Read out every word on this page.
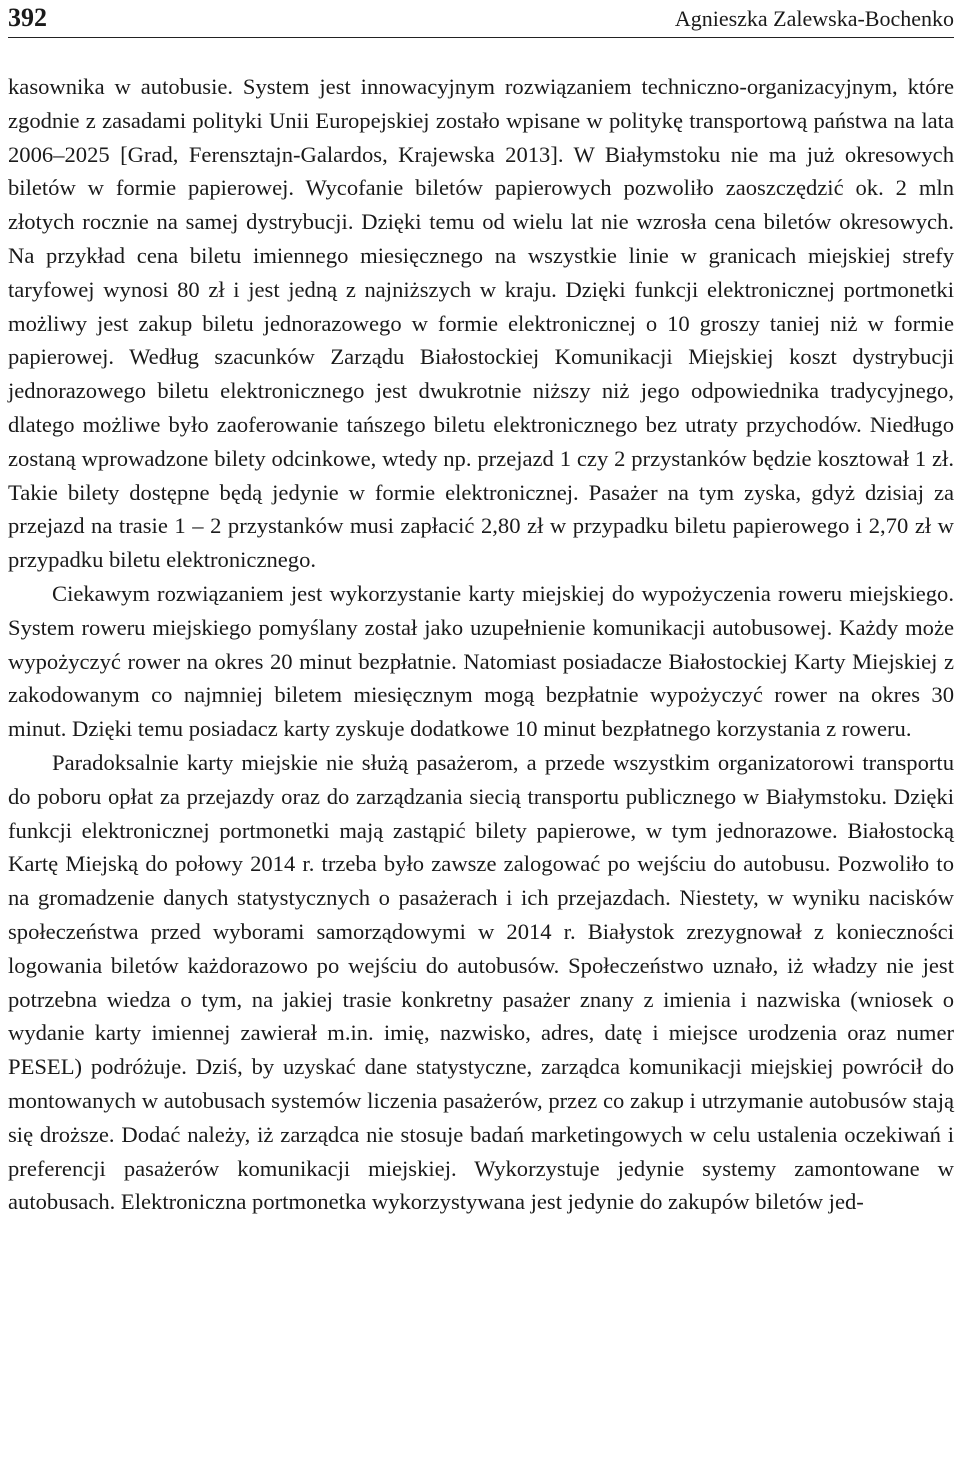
392	Agnieszka Zalewska-Bochenko

kasownika w autobusie. System jest innowacyjnym rozwiązaniem techniczno-organizacyjnym, które zgodnie z zasadami polityki Unii Europejskiej zostało wpisane w politykę transportową państwa na lata 2006–2025 [Grad, Ferensztajn-Galardos, Krajewska 2013]. W Białymstoku nie ma już okresowych biletów w formie papierowej. Wycofanie biletów papierowych pozwoliło zaoszczędzić ok. 2 mln złotych rocznie na samej dystrybucji. Dzięki temu od wielu lat nie wzrosła cena biletów okresowych. Na przykład cena biletu imiennego miesięcznego na wszystkie linie w granicach miejskiej strefy taryfowej wynosi 80 zł i jest jedną z najniższych w kraju. Dzięki funkcji elektronicznej portmonetki możliwy jest zakup biletu jednorazowego w formie elektronicznej o 10 groszy taniej niż w formie papierowej. Według szacunków Zarządu Białostockiej Komunikacji Miejskiej koszt dystrybucji jednorazowego biletu elektronicznego jest dwukrotnie niższy niż jego odpowiednika tradycyjnego, dlatego możliwe było zaoferowanie tańszego biletu elektronicznego bez utraty przychodów. Niedługo zostaną wprowadzone bilety odcinkowe, wtedy np. przejazd 1 czy 2 przystanków będzie kosztował 1 zł. Takie bilety dostępne będą jedynie w formie elektronicznej. Pasażer na tym zyska, gdyż dzisiaj za przejazd na trasie 1 – 2 przystanków musi zapłacić 2,80 zł w przypadku biletu papierowego i 2,70 zł w przypadku biletu elektronicznego.

Ciekawym rozwiązaniem jest wykorzystanie karty miejskiej do wypożyczenia roweru miejskiego. System roweru miejskiego pomyślany został jako uzupełnienie komunikacji autobusowej. Każdy może wypożyczyć rower na okres 20 minut bezpłatnie. Natomiast posiadacze Białostockiej Karty Miejskiej z zakodowanym co najmniej biletem miesięcznym mogą bezpłatnie wypożyczyć rower na okres 30 minut. Dzięki temu posiadacz karty zyskuje dodatkowe 10 minut bezpłatnego korzystania z roweru.

Paradoksalnie karty miejskie nie służą pasażerom, a przede wszystkim organizatorowi transportu do poboru opłat za przejazdy oraz do zarządzania siecią transportu publicznego w Białymstoku. Dzięki funkcji elektronicznej portmonetki mają zastąpić bilety papierowe, w tym jednorazowe. Białostocką Kartę Miejską do połowy 2014 r. trzeba było zawsze zalogować po wejściu do autobusu. Pozwoliło to na gromadzenie danych statystycznych o pasażerach i ich przejazdach. Niestety, w wyniku nacisków społeczeństwa przed wyborami samorządowymi w 2014 r. Białystok zrezygnował z konieczności logowania biletów każdorazowo po wejściu do autobusów. Społeczeństwo uznało, iż władzy nie jest potrzebna wiedza o tym, na jakiej trasie konkretny pasażer znany z imienia i nazwiska (wniosek o wydanie karty imiennej zawierał m.in. imię, nazwisko, adres, datę i miejsce urodzenia oraz numer PESEL) podróżuje. Dziś, by uzyskać dane statystyczne, zarządca komunikacji miejskiej powrócił do montowanych w autobusach systemów liczenia pasażerów, przez co zakup i utrzymanie autobusów stają się droższe. Dodać należy, iż zarządca nie stosuje badań marketingowych w celu ustalenia oczekiwań i preferencji pasażerów komunikacji miejskiej. Wykorzystuje jedynie systemy zamontowane w autobusach. Elektroniczna portmonetka wykorzystywana jest jedynie do zakupów biletów jed-
